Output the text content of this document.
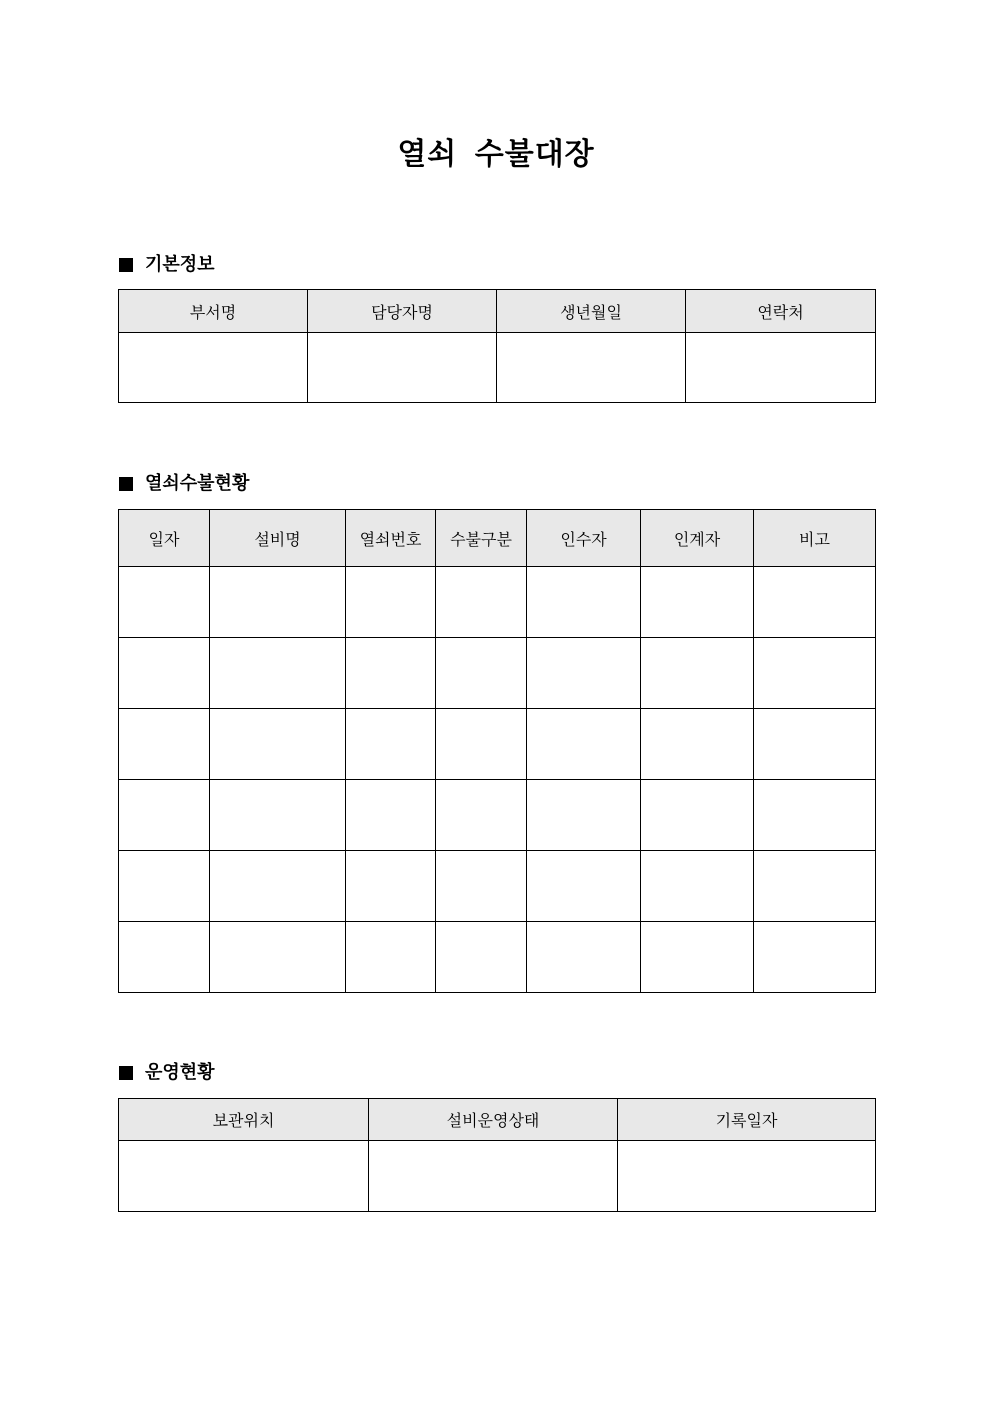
열쇠 수불대장
기본정보
부서명	담당자명	생년월일	연락처

열쇠수불현황
일자	설비명	열쇠번호	수불구분	인수자	인계자	비고

운영현황
보관위치	설비운영상태	기록일자
